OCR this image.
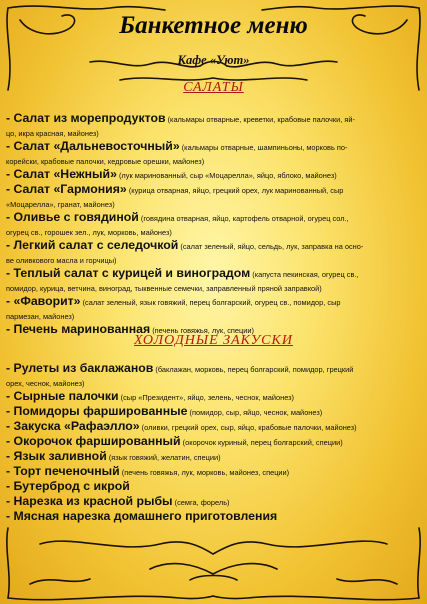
Банкетное меню
Кафе «Уют»
САЛАТЫ
- Салат из морепродуктов (кальмары отварные, креветки, крабовые палочки, яй-
цо, икра красная, майонез)
- Салат «Дальневосточный» (кальмары отварные, шампиньоны, морковь по-
корейски, крабовые палочки, кедровые орешки, майонез)
- Салат «Нежный» (лук маринованный, сыр «Моцарелла», яйцо, яблоко, майонез)
- Салат «Гармония» (курица отварная, яйцо, грецкий орех, лук маринованный, сыр
«Моцарелла», гранат, майонез)
- Оливье с говядиной (говядина отварная, яйцо, картофель отварной, огурец сол.,
огурец св., горошек зел., лук, морковь, майонез)
- Легкий салат с селедочкой (салат зеленый, яйцо, сельдь, лук, заправка на осно-
ве оливкового масла и горчицы)
- Теплый салат с курицей и виноградом (капуста пекинская, огурец св.,
помидор, курица, ветчина, виноград, тыквенные семечки, заправленный пряной заправкой)
- «Фаворит» (салат зеленый, язык говяжий, перец болгарский, огурец св., помидор, сыр
пармезан, майонез)
- Печень маринованная (печень говяжья, лук, специи)
ХОЛОДНЫЕ ЗАКУСКИ
- Рулеты из баклажанов (баклажан, морковь, перец болгарский, помидор, грецкий
орех, чеснок, майонез)
- Сырные палочки (сыр «Президент», яйцо, зелень, чеснок, майонез)
- Помидоры фаршированные (помидор, сыр, яйцо, чеснок, майонез)
- Закуска «Рафаэлло» (оливки, грецкий орех, сыр, яйцо, крабовые палочки, майонез)
- Окорочок фаршированный (окорочок куриный, перец болгарский, специи)
- Язык заливной (язык говяжий, желатин, специи)
- Торт печеночный (печень говяжья, лук, морковь, майонез, специи)
- Бутерброд с икрой
- Нарезка из красной рыбы (семга, форель)
- Мясная нарезка домашнего приготовления
